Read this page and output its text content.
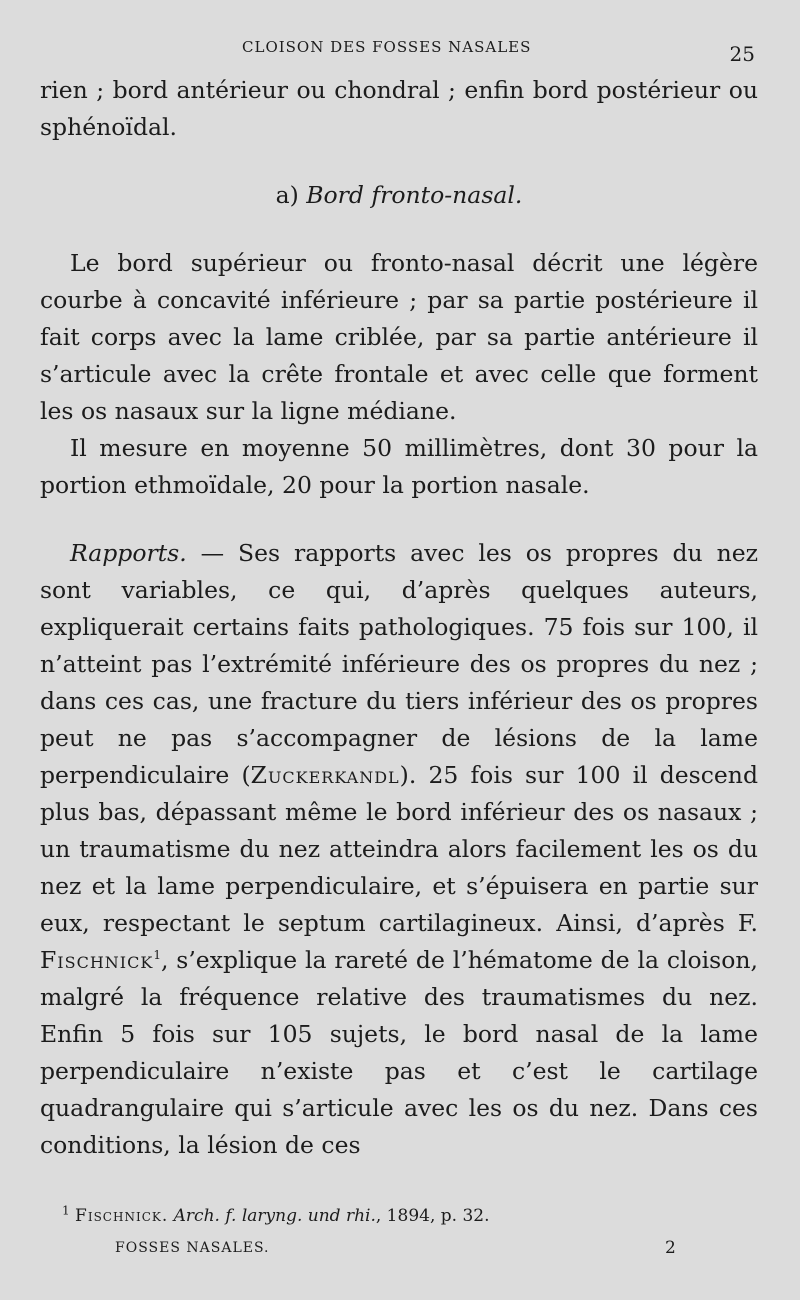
CLOISON DES FOSSES NASALES	25

rien ; bord antérieur ou chondral ; enfin bord postérieur ou sphénoïdal.

a) Bord fronto-nasal.

Le bord supérieur ou fronto-nasal décrit une légère courbe à concavité inférieure ; par sa partie postérieure il fait corps avec la lame criblée, par sa partie antérieure il s’articule avec la crête frontale et avec celle que forment les os nasaux sur la ligne médiane.

Il mesure en moyenne 50 millimètres, dont 30 pour la portion ethmoïdale, 20 pour la portion nasale.

Rapports. — Ses rapports avec les os propres du nez sont variables, ce qui, d’après quelques auteurs, expliquerait certains faits pathologiques. 75 fois sur 100, il n’atteint pas l’extrémité inférieure des os propres du nez ; dans ces cas, une fracture du tiers inférieur des os propres peut ne pas s’accompagner de lésions de la lame perpendiculaire (Zuckerkandl). 25 fois sur 100 il descend plus bas, dépassant même le bord inférieur des os nasaux ; un traumatisme du nez atteindra alors facilement les os du nez et la lame perpendiculaire, et s’épuisera en partie sur eux, respectant le septum cartilagineux. Ainsi, d’après F. Fischnick$^1$, s’explique la rareté de l’hématome de la cloison, malgré la fréquence relative des traumatismes du nez. Enfin 5 fois sur 105 sujets, le bord nasal de la lame perpendiculaire n’existe pas et c’est le cartilage quadrangulaire qui s’articule avec les os du nez. Dans ces conditions, la lésion de ces

$^1$ Fischnick. Arch. f. laryng. und rhi., 1894, p. 32.
FOSSES NASALES.	2
